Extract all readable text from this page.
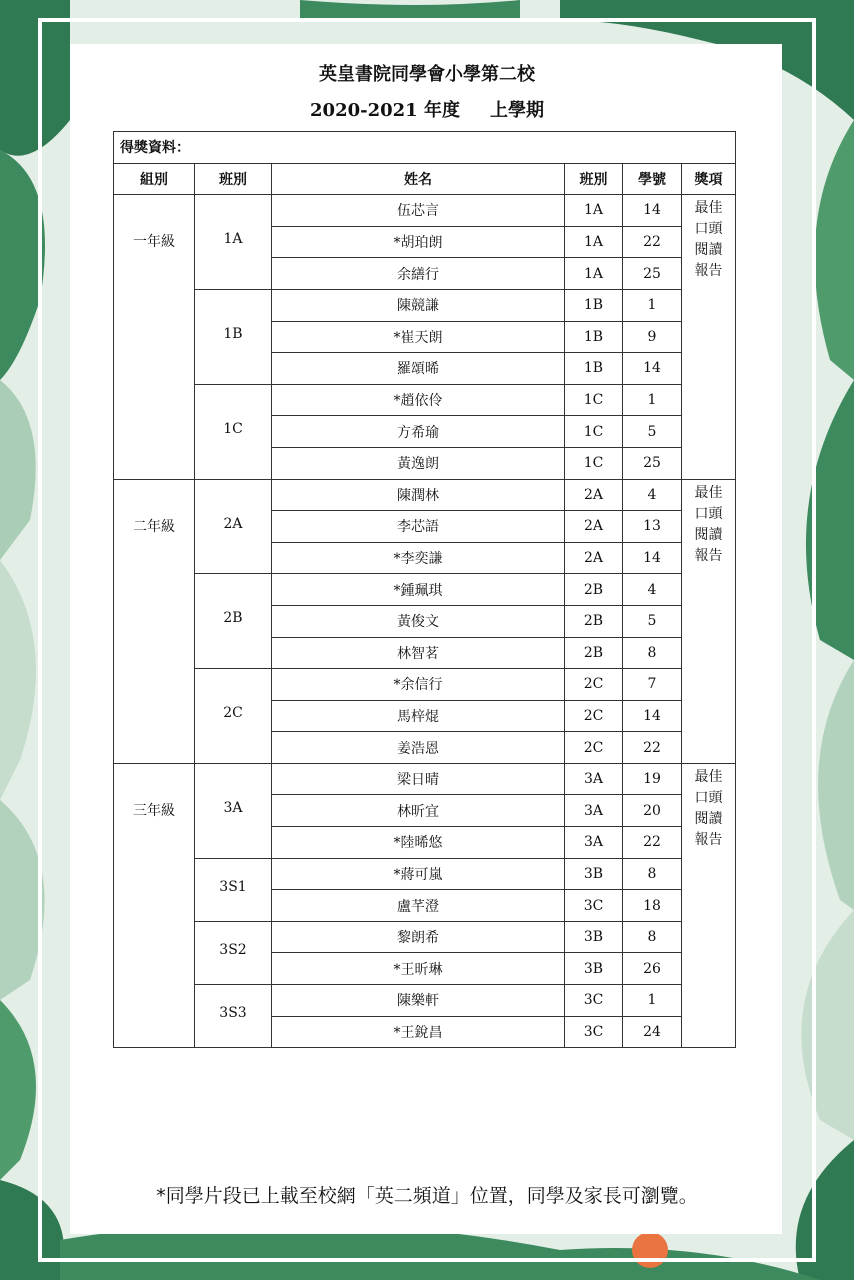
英皇書院同學會小學第二校
2020-2021 年度 上學期
得獎資料：					
組別	班別	姓名	班別	學號	獎項
一年級	1A	伍芯言	1A	14	最佳
口頭
閱讀
報告

		*胡珀朗	1A	22	
		余繕行	1A	25	
	1B	陳競謙	1B	1	
		*崔天朗	1B	9	
		羅頌晞	1B	14	
	1C	*趙依伶	1C	1	
		方希瑜	1C	5	
		黃逸朗	1C	25	
二年級	2A	陳潤林	2A	4	最佳
口頭
閱讀
報告

		李芯語	2A	13	
		*李奕謙	2A	14	
	2B	*鍾珮琪	2B	4	
		黃俊文	2B	5	
		林智茗	2B	8	
	2C	*余信行	2C	7	
		馬梓焜	2C	14	
		姜浩恩	2C	22	
三年級	3A	梁日晴	3A	19	最佳
口頭
閱讀
報告

		林昕宜	3A	20	
		*陸晞悠	3A	22	
	3S1	*蔣可嵐	3B	8	
		盧芊澄	3C	18	
	3S2	黎朗希	3B	8	
		*王昕琳	3B	26	
	3S3	陳樂軒	3C	1	
		*王銳昌	3C	24	
*同學片段已上載至校網「英二頻道」位置，同學及家長可瀏覽。
